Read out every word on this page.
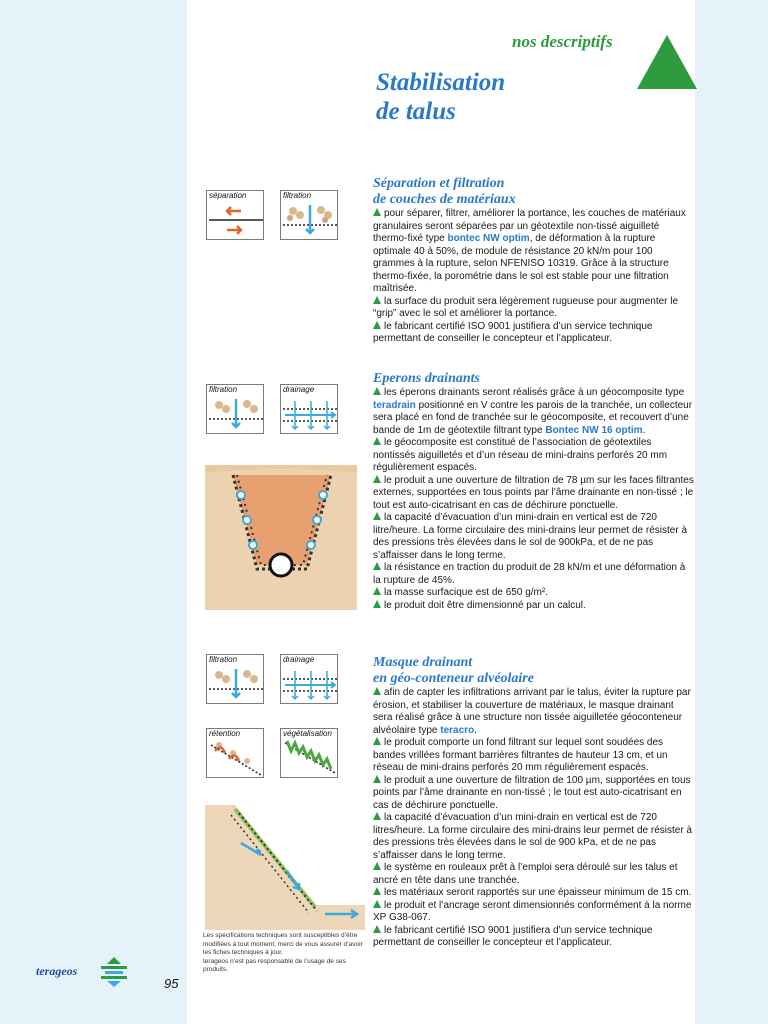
nos descriptifs
Stabilisation
de talus
séparation	filtration
filtration	drainage
filtration	drainage
rétention	végétalisation
Séparation et filtration
de couches de matériaux

pour séparer, filtrer, améliorer la portance, les couches de matériaux granulaires seront séparées par un géotextile non-tissé aiguilleté thermo-fixé type bontec NW optim, de déformation à la rupture optimale 40 à 50%, de module de résistance 20 kN/m pour 100 grammes à la rupture, selon NFENISO 10319. Grâce à la structure thermo-fixée, la porométrie dans le sol est stable pour une filtration maîtrisée.

la surface du produit sera légèrement rugueuse pour augmenter le “grip” avec le sol et améliorer la portance.

le fabricant certifié ISO 9001 justifiera d’un service technique permettant de conseiller le concepteur et l’applicateur.

Eperons drainants

les éperons drainants seront réalisés grâce à un géocomposite type teradrain positionné en V contre les parois de la tranchée, un collecteur sera placé en fond de tranchée sur le géocomposite, et recouvert d’une bande de 1m de géotextile filtrant type Bontec NW 16 optim.

le géocomposite est constitué de l’association de géotextiles nontissés aiguilletés et d’un réseau de mini-drains perforés 20 mm régulièrement espacés.

le produit a une ouverture de filtration de 78 µm sur les faces filtrantes externes, supportées en tous points par l’âme drainante en non-tissé ; le tout est auto-cicatrisant en cas de déchirure ponctuelle.

la capacité d’évacuation d’un mini-drain en vertical est de 720 litre/heure. La forme circulaire des mini-drains leur permet de résister à des pressions très élevées dans le sol de 900kPa, et de ne pas s’affaisser dans le long terme.

la résistance en traction du produit de 28 kN/m et une déformation à la rupture de 45%.

la masse surfacique est de 650 g/m².

le produit doit être dimensionné par un calcul.

Masque drainant
en géo-conteneur alvéolaire

afin de capter les infiltrations arrivant par le talus, éviter la rupture par érosion, et stabiliser la couverture de matériaux, le masque drainant sera réalisé grâce à une structure non tissée aiguilletée géoconteneur alvéolaire type teracro.

le produit comporte un fond filtrant sur lequel sont soudées des bandes vrillées formant barrières filtrantes de hauteur 13 cm, et un réseau de mini-drains perforés 20 mm régulièrement espacés.

le produit a une ouverture de filtration de 100 µm, supportées en tous points par l’âme drainante en non-tissé ; le tout est auto-cicatrisant en cas de déchirure ponctuelle.

la capacité d’évacuation d’un mini-drain en vertical est de 720 litres/heure. La forme circulaire des mini-drains leur permet de résister à des pressions très élevées dans le sol de 900 kPa, et de ne pas s’affaisser dans le long terme.

le système en rouleaux prêt à l’emploi sera déroulé sur les talus et ancré en tête dans une tranchée.

les matériaux seront rapportés sur une épaisseur minimum de 15 cm.

le produit et l’ancrage seront dimensionnés conformément à la norme XP G38-067.

le fabricant certifié ISO 9001 justifiera d’un service technique permettant de conseiller le concepteur et l’applicateur.

Les spécifications techniques sont susceptibles d’être modifiées à tout moment, merci de vous assurer d’avoir les fiches techniques à jour.
terageos n’est pas responsable de l’usage de ses produits.
terageos
95
